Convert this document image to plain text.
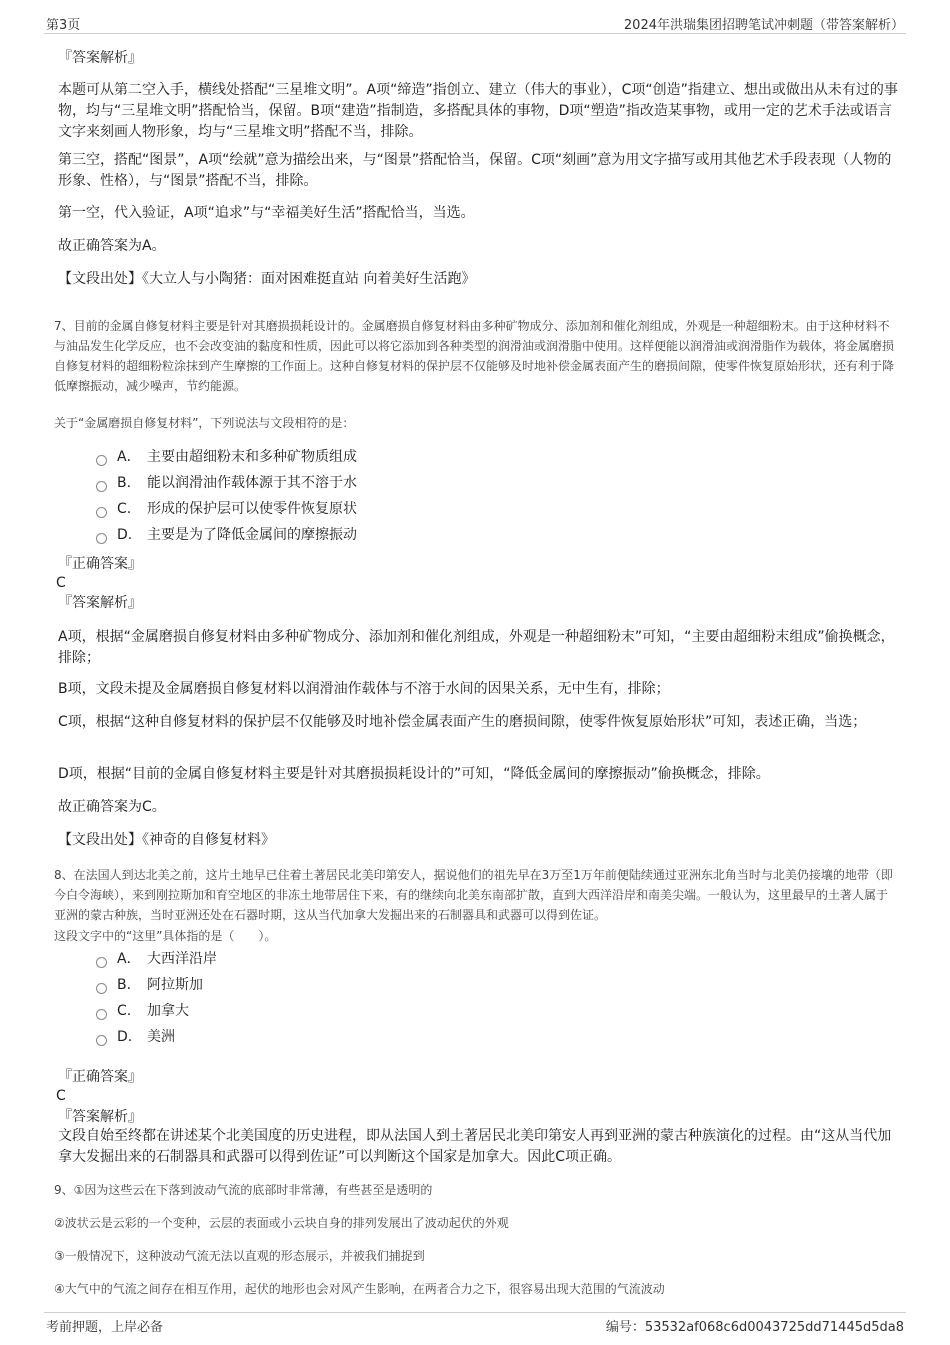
第3页	2024年洪瑞集团招聘笔试冲刺题（带答案解析）
『答案解析』

本题可从第二空入手，横线处搭配“三星堆文明”。A项“缔造”指创立、建立（伟大的事业），C项“创造”指建立、想出或做出从未有过的事物，均与“三星堆文明”搭配恰当，保留。B项“建造”指制造，多搭配具体的事物，D项“塑造”指改造某事物，或用一定的艺术手法或语言文字来刻画人物形象，均与“三星堆文明”搭配不当，排除。

第三空，搭配“图景”，A项“绘就”意为描绘出来，与“图景”搭配恰当，保留。C项“刻画”意为用文字描写或用其他艺术手段表现（人物的形象、性格），与“图景”搭配不当，排除。

第一空，代入验证，A项“追求”与“幸福美好生活”搭配恰当，当选。

故正确答案为A。

【文段出处】《大立人与小陶猪：面对困难挺直站 向着美好生活跑》

7、目前的金属自修复材料主要是针对其磨损损耗设计的。金属磨损自修复材料由多种矿物成分、添加剂和催化剂组成，外观是一种超细粉末。由于这种材料不与油品发生化学反应，也不会改变油的黏度和性质，因此可以将它添加到各种类型的润滑油或润滑脂中使用。这样便能以润滑油或润滑脂作为载体，将金属磨损自修复材料的超细粉粒涂抹到产生摩擦的工作面上。这种自修复材料的保护层不仅能够及时地补偿金属表面产生的磨损间隙，使零件恢复原始形状，还有利于降低摩擦振动，减少噪声，节约能源。

关于“金属磨损自修复材料”，下列说法与文段相符的是：

A． 主要由超细粉末和多种矿物质组成
B.	能以润滑油作载体源于其不溶于水
C.	形成的保护层可以使零件恢复原状
D.	主要是为了降低金属间的摩擦振动
『正确答案』
C
『答案解析』

A项，根据“金属磨损自修复材料由多种矿物成分、添加剂和催化剂组成，外观是一种超细粉末”可知，“主要由超细粉末组成”偷换概念，排除；

B项，文段未提及金属磨损自修复材料以润滑油作载体与不溶于水间的因果关系，无中生有，排除；

C项，根据“这种自修复材料的保护层不仅能够及时地补偿金属表面产生的磨损间隙，使零件恢复原始形状”可知，表述正确，当选；

D项，根据“目前的金属自修复材料主要是针对其磨损损耗设计的”可知，“降低金属间的摩擦振动”偷换概念，排除。

故正确答案为C。

【文段出处】《神奇的自修复材料》

8、在法国人到达北美之前，这片土地早已住着土著居民北美印第安人，据说他们的祖先早在3万至1万年前便陆续通过亚洲东北角当时与北美仍接壤的地带（即今白令海峡），来到刚拉斯加和育空地区的非冻土地带居住下来，有的继续向北美东南部扩散，直到大西洋沿岸和南美尖端。一般认为，这里最早的土著人属于亚洲的蒙古种族，当时亚洲还处在石器时期，这从当代加拿大发掘出来的石制器具和武器可以得到佐证。

这段文字中的“这里”具体指的是（　　）。

A． 大西洋沿岸
B.	阿拉斯加
C.	加拿大
D.	美洲
『正确答案』
C
『答案解析』

文段自始至终都在讲述某个北美国度的历史进程，即从法国人到土著居民北美印第安人再到亚洲的蒙古种族演化的过程。由“这从当代加拿大发掘出来的石制器具和武器可以得到佐证”可以判断这个国家是加拿大。因此C项正确。

9、①因为这些云在下落到波动气流的底部时非常薄，有些甚至是透明的

②波状云是云彩的一个变种，云层的表面或小云块自身的排列发展出了波动起伏的外观

③一般情况下，这种波动气流无法以直观的形态展示，并被我们捕捉到

④大气中的气流之间存在相互作用，起伏的地形也会对风产生影响，在两者合力之下，很容易出现大范围的气流波动

考前押题，上岸必备	编号：53532af068c6d0043725dd71445d5da8
